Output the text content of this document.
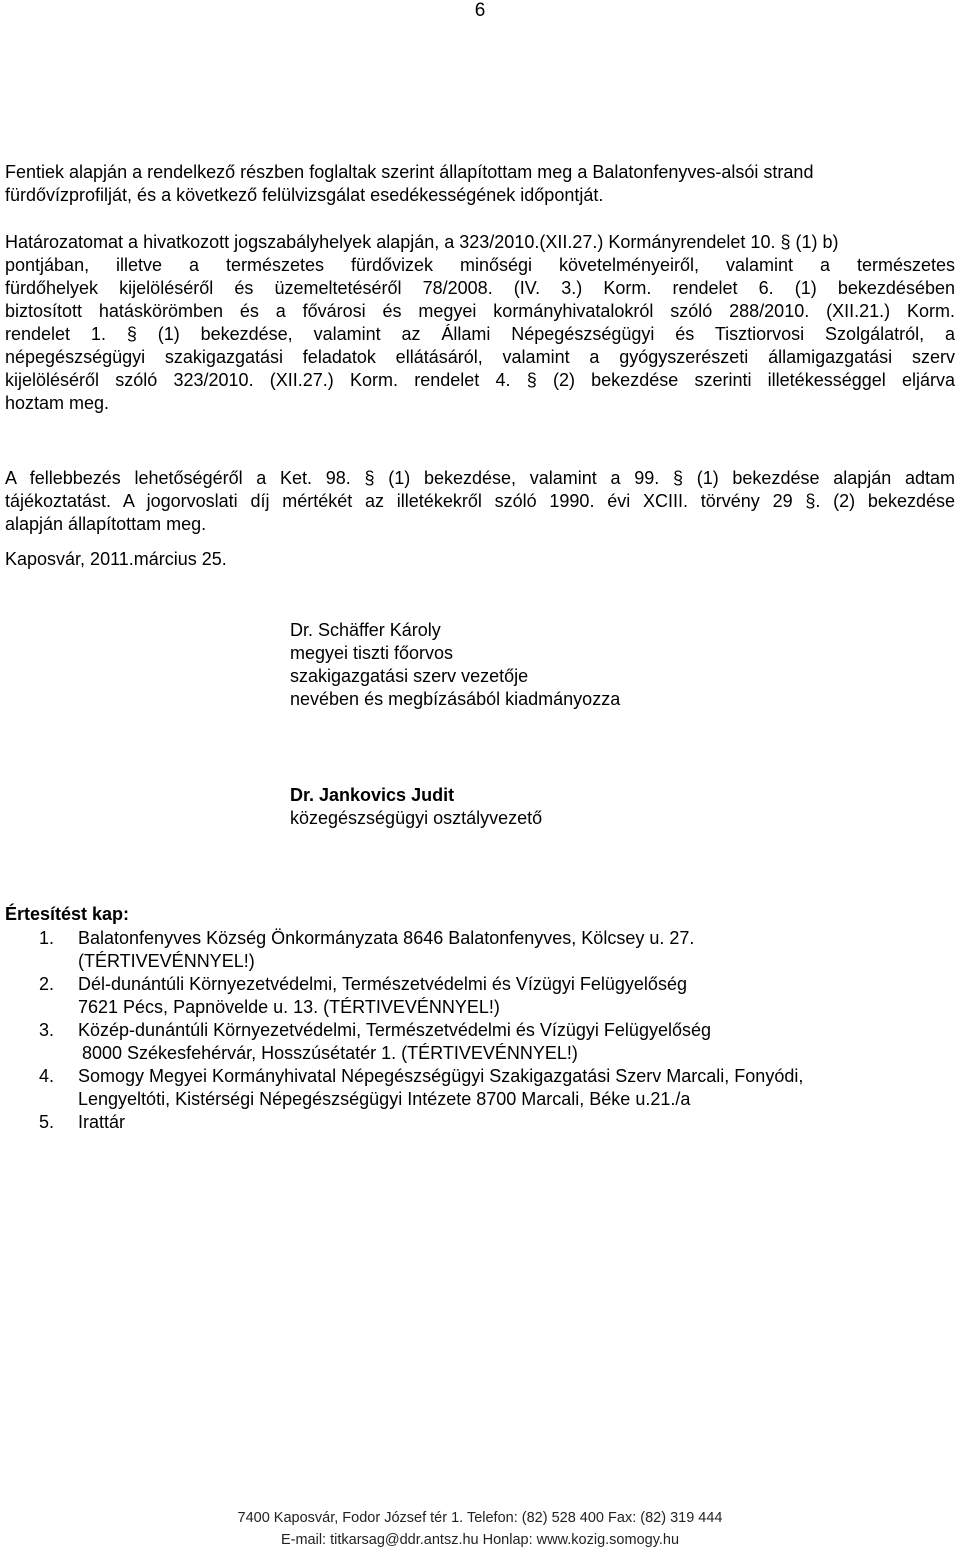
6
Fentiek alapján a rendelkező részben foglaltak szerint állapítottam meg a Balatonfenyves-alsói strand
fürdővízprofilját, és a következő felülvizsgálat esedékességének időpontját.
Határozatomat a hivatkozott jogszabályhelyek alapján, a 323/2010.(XII.27.) Kormányrendelet 10. § (1) b)
pontjában, illetve a természetes fürdővizek minőségi követelményeiről, valamint a természetes
fürdőhelyek kijelöléséről és üzemeltetéséről 78/2008. (IV. 3.) Korm. rendelet 6. (1) bekezdésében
biztosított hatáskörömben és a fővárosi és megyei kormányhivatalokról szóló 288/2010. (XII.21.) Korm.
rendelet 1. § (1) bekezdése, valamint az Állami Népegészségügyi és Tisztiorvosi Szolgálatról, a
népegészségügyi szakigazgatási feladatok ellátásáról, valamint a gyógyszerészeti államigazgatási szerv
kijelöléséről szóló 323/2010. (XII.27.) Korm. rendelet 4. § (2) bekezdése szerinti illetékességgel eljárva
hoztam meg.
A fellebbezés lehetőségéről a Ket. 98. § (1) bekezdése, valamint a 99. § (1) bekezdése alapján adtam
tájékoztatást. A jogorvoslati díj mértékét az illetékekről szóló 1990. évi XCIII. törvény 29 §. (2) bekezdése
alapján állapítottam meg.
Kaposvár, 2011.március 25.
Dr. Schäffer Károly
megyei tiszti főorvos
szakigazgatási szerv vezetője
nevében és megbízásából kiadmányozza
Dr. Jankovics Judit
közegészségügyi osztályvezető
Értesítést kap:
1. Balatonfenyves Község Önkormányzata 8646 Balatonfenyves, Kölcsey u. 27.
(TÉRTIVEVÉNNYEL!)
2. Dél-dunántúli Környezetvédelmi, Természetvédelmi és Vízügyi Felügyelőség
7621 Pécs, Papnövelde u. 13. (TÉRTIVEVÉNNYEL!)
3. Közép-dunántúli Környezetvédelmi, Természetvédelmi és Vízügyi Felügyelőség
8000 Székesfehérvár, Hosszúsétatér 1. (TÉRTIVEVÉNNYEL!)
4. Somogy Megyei Kormányhivatal Népegészségügyi Szakigazgatási Szerv Marcali, Fonyódi,
Lengyeltóti, Kistérségi Népegészségügyi Intézete 8700 Marcali, Béke u.21./a
5. Irattár
7400 Kaposvár, Fodor József tér 1. Telefon: (82) 528 400 Fax: (82) 319 444
E-mail: titkarsag@ddr.antsz.hu Honlap: www.kozig.somogy.hu
